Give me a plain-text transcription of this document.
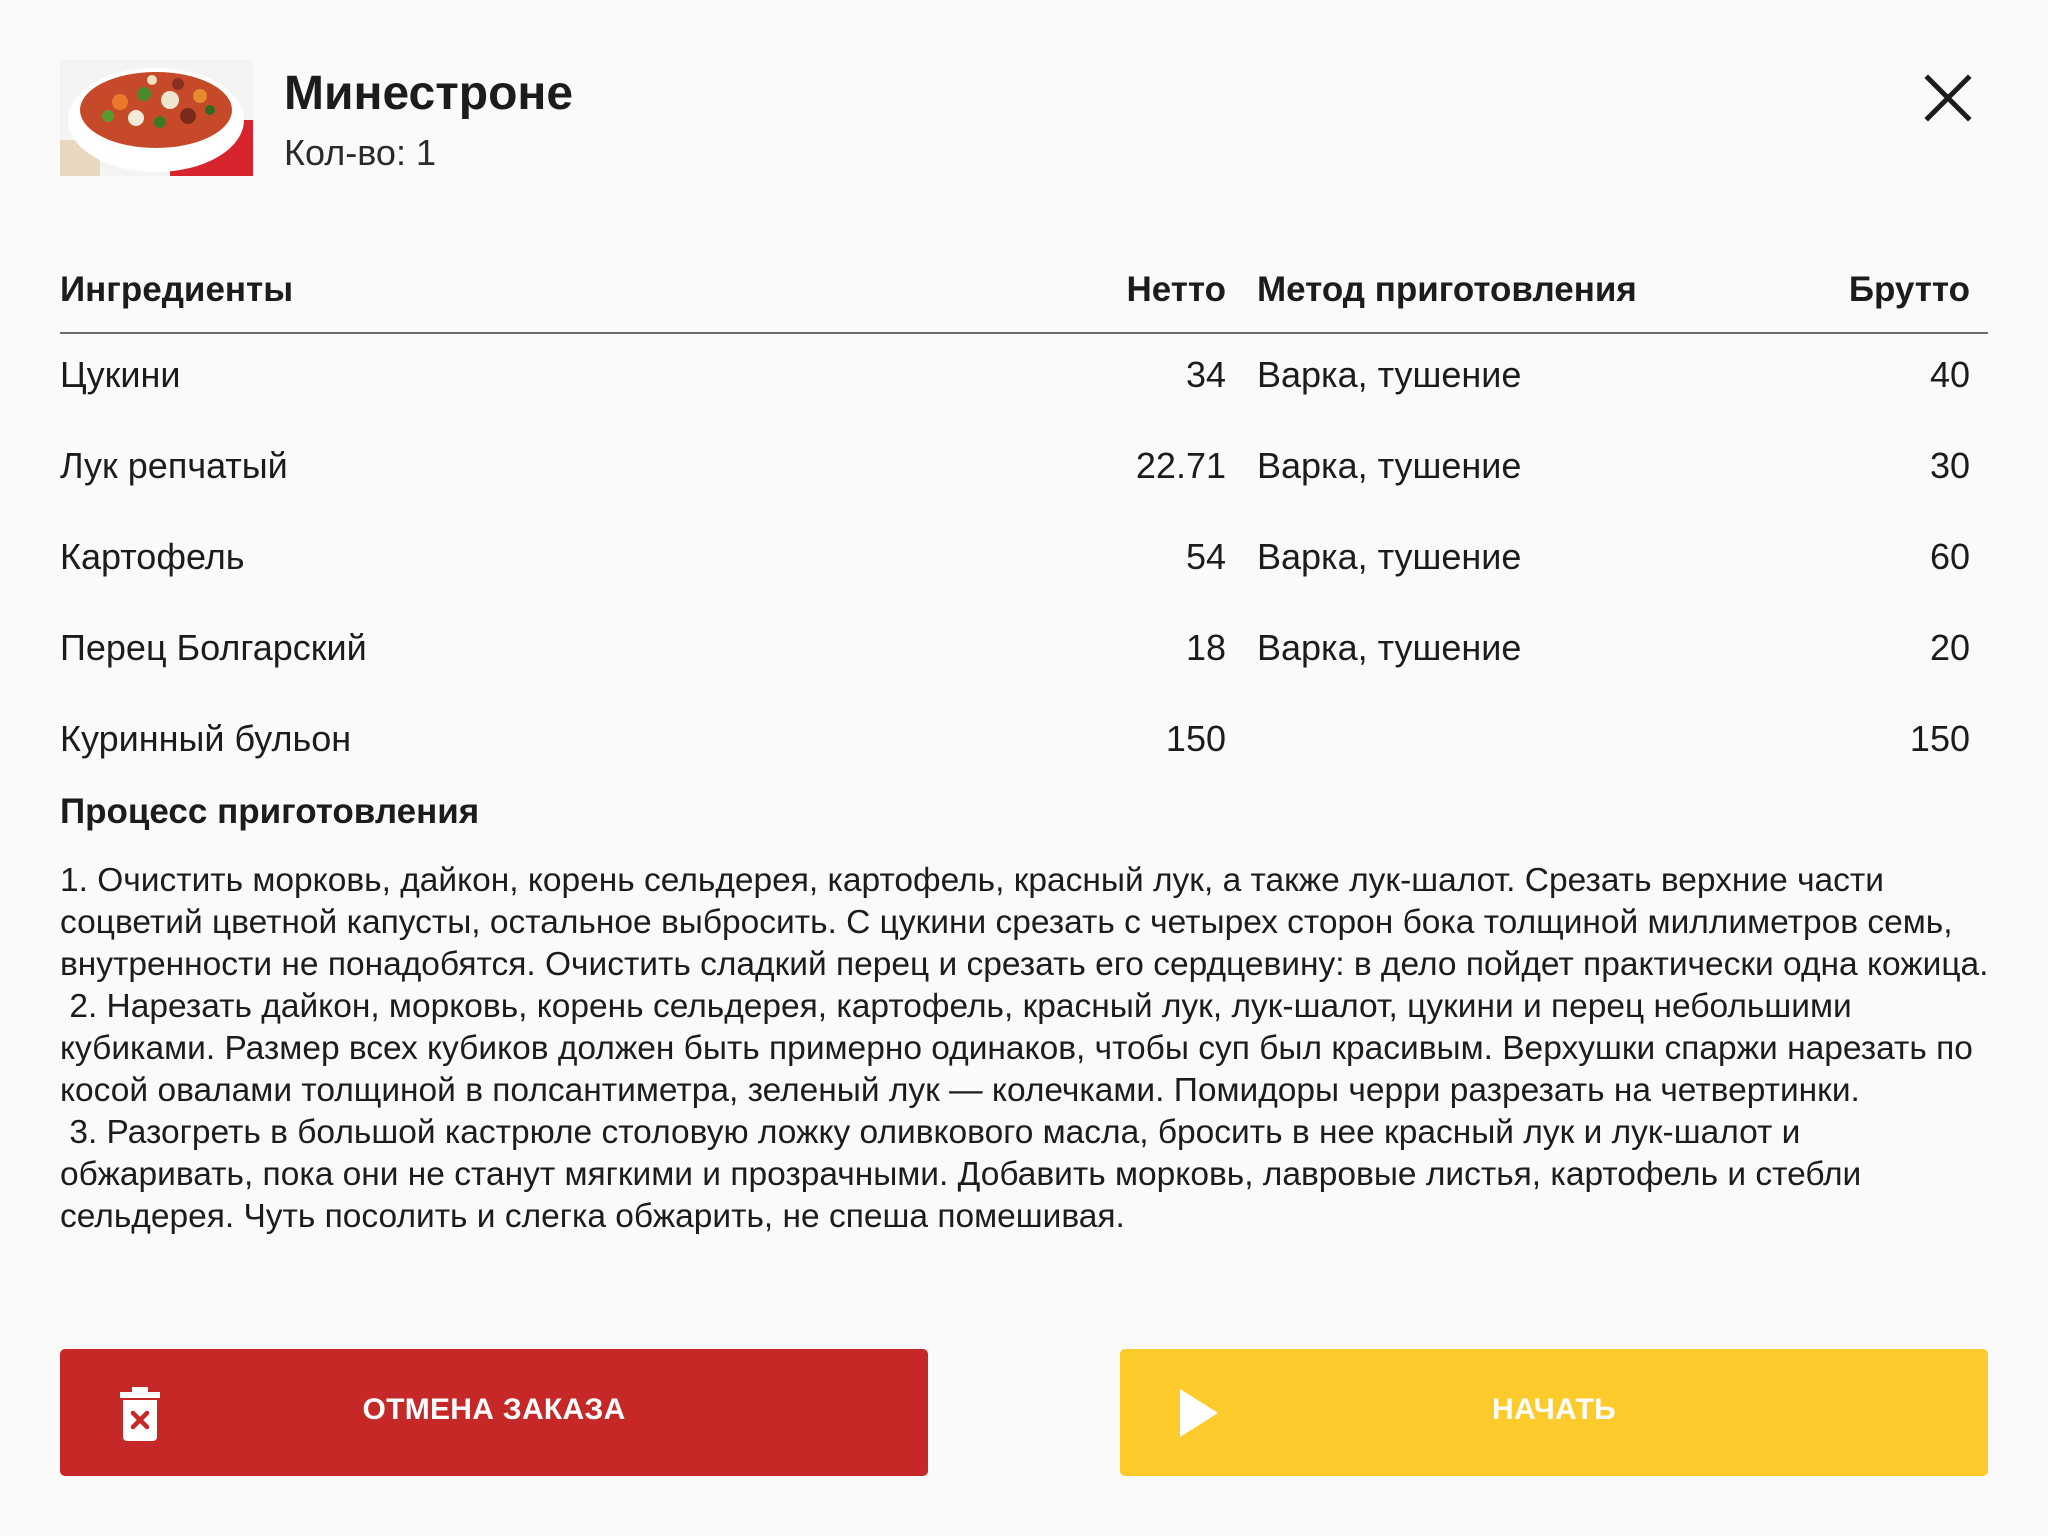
Минестроне
Кол-во: 1
Ингредиенты	Нетто Метод приготовления	Брутто
Цукини	34 Варка, тушение	40
Лук репчатый	22.71 Варка, тушение	30
Картофель	54 Варка, тушение	60
Перец Болгарский	18 Варка, тушение	20
Куринный бульон	150	150
Процесс приготовления
1. Очистить морковь, дайкон, корень сельдерея, картофель, красный лук, а также лук-шалот. Срезать верхние части соцветий цветной капусты, остальное выбросить. С цукини срезать с четырех сторон бока толщиной миллиметров семь, внутренности не понадобятся. Очистить сладкий перец и срезать его сердцевину: в дело пойдет практически одна кожица.
2. Нарезать дайкон, морковь, корень сельдерея, картофель, красный лук, лук-шалот, цукини и перец небольшими кубиками. Размер всех кубиков должен быть примерно одинаков, чтобы суп был красивым. Верхушки спаржи нарезать по косой овалами толщиной в полсантиметра, зеленый лук — колечками. Помидоры черри разрезать на четвертинки.
3. Разогреть в большой кастрюле столовую ложку оливкового масла, бросить в нее красный лук и лук-шалот и обжаривать, пока они не станут мягкими и прозрачными. Добавить морковь, лавровые листья, картофель и стебли сельдерея. Чуть посолить и слегка обжарить, не спеша помешивая.
ОТМЕНА ЗАКАЗА	НАЧАТЬ
